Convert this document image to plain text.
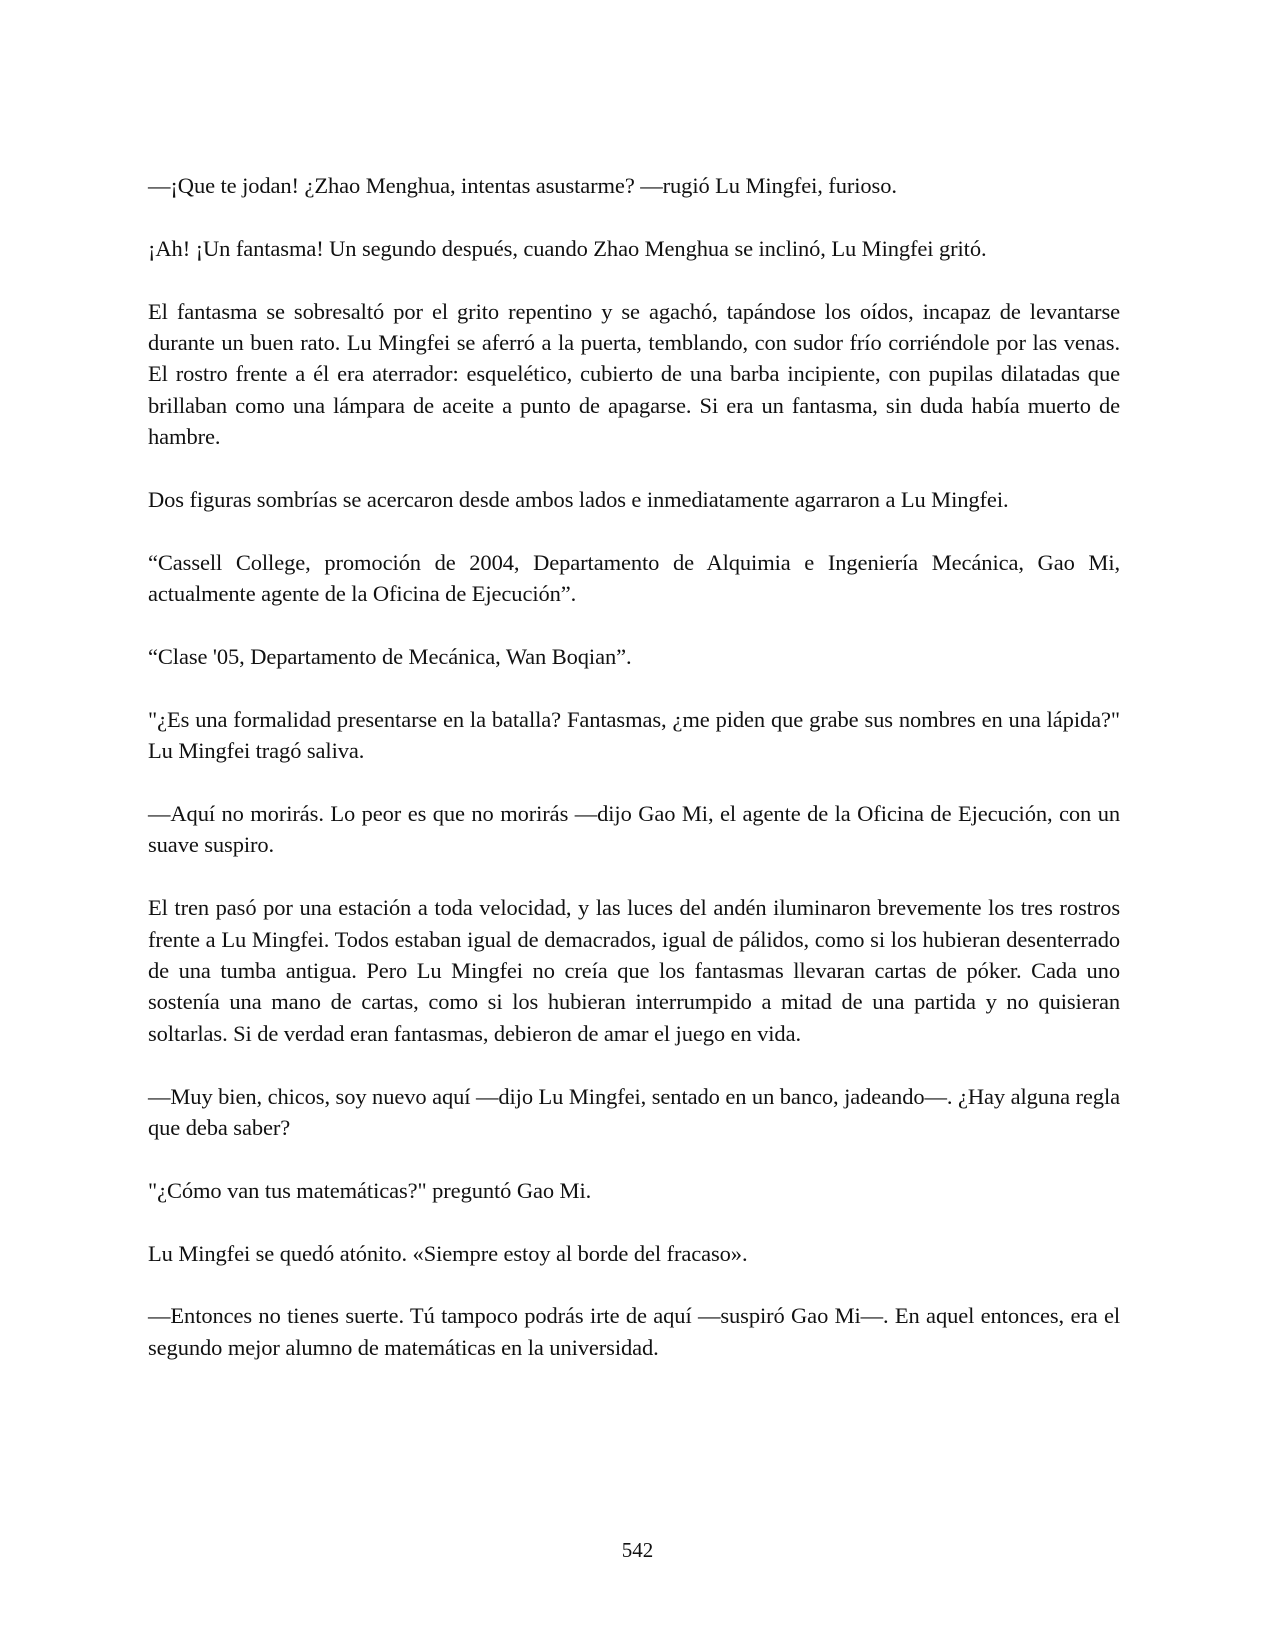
—¡Que te jodan! ¿Zhao Menghua, intentas asustarme? —rugió Lu Mingfei, furioso.

¡Ah! ¡Un fantasma! Un segundo después, cuando Zhao Menghua se inclinó, Lu Mingfei gritó.

El fantasma se sobresaltó por el grito repentino y se agachó, tapándose los oídos, incapaz de levantarse durante un buen rato. Lu Mingfei se aferró a la puerta, temblando, con sudor frío corriéndole por las venas. El rostro frente a él era aterrador: esquelético, cubierto de una barba incipiente, con pupilas dilatadas que brillaban como una lámpara de aceite a punto de apagarse. Si era un fantasma, sin duda había muerto de hambre.

Dos figuras sombrías se acercaron desde ambos lados e inmediatamente agarraron a Lu Mingfei.

“Cassell College, promoción de 2004, Departamento de Alquimia e Ingeniería Mecánica, Gao Mi, actualmente agente de la Oficina de Ejecución”.

“Clase '05, Departamento de Mecánica, Wan Boqian”.

"¿Es una formalidad presentarse en la batalla? Fantasmas, ¿me piden que grabe sus nombres en una lápida?" Lu Mingfei tragó saliva.

—Aquí no morirás. Lo peor es que no morirás —dijo Gao Mi, el agente de la Oficina de Ejecución, con un suave suspiro.

El tren pasó por una estación a toda velocidad, y las luces del andén iluminaron brevemente los tres rostros frente a Lu Mingfei. Todos estaban igual de demacrados, igual de pálidos, como si los hubieran desenterrado de una tumba antigua. Pero Lu Mingfei no creía que los fantasmas llevaran cartas de póker. Cada uno sostenía una mano de cartas, como si los hubieran interrumpido a mitad de una partida y no quisieran soltarlas. Si de verdad eran fantasmas, debieron de amar el juego en vida.

—Muy bien, chicos, soy nuevo aquí —dijo Lu Mingfei, sentado en un banco, jadeando—. ¿Hay alguna regla que deba saber?

"¿Cómo van tus matemáticas?" preguntó Gao Mi.

Lu Mingfei se quedó atónito. «Siempre estoy al borde del fracaso».

—Entonces no tienes suerte. Tú tampoco podrás irte de aquí —suspiró Gao Mi—. En aquel entonces, era el segundo mejor alumno de matemáticas en la universidad.

542
